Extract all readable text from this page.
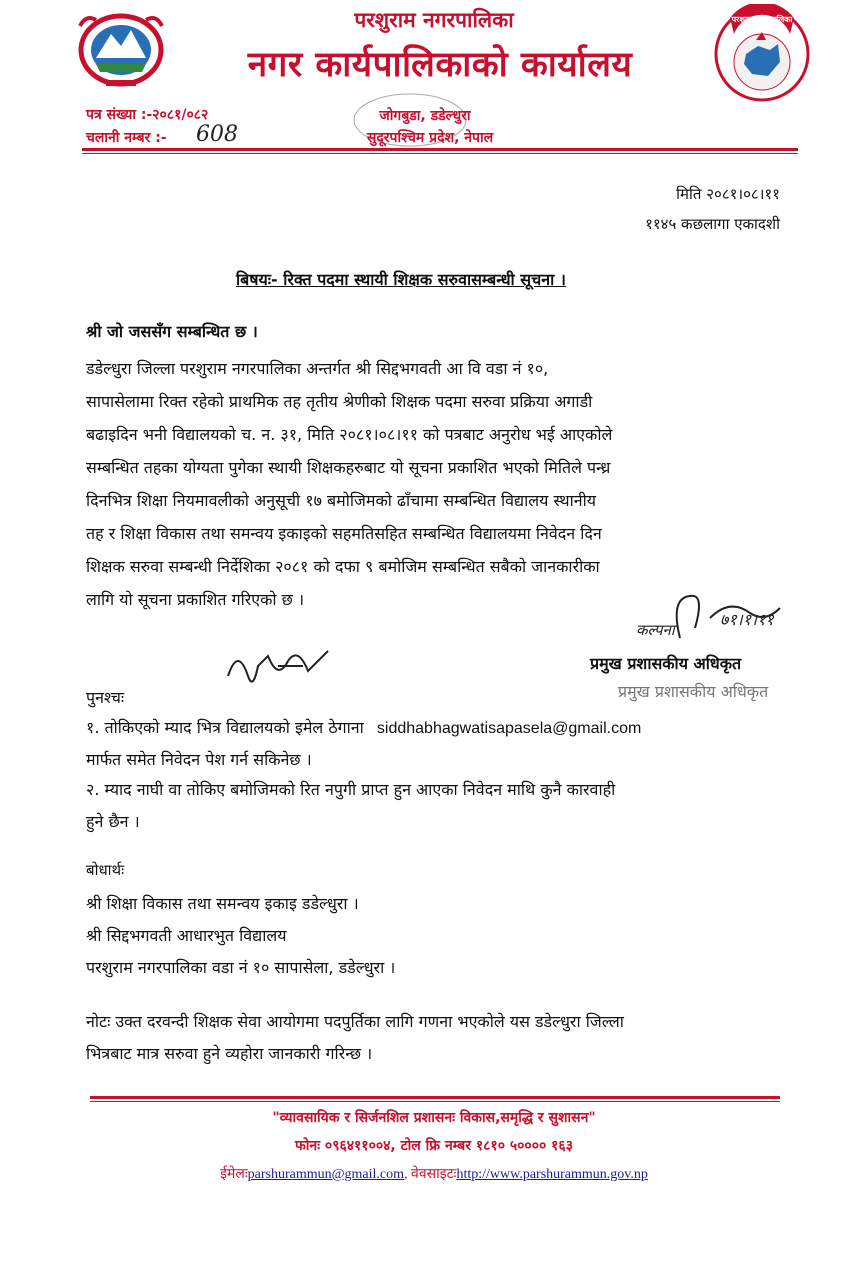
परशुराम नगरपालिका
नगर कार्यपालिकाको कार्यालय
परशुराम नगरपालिका
पत्र संख्या :-२०८१/०८२
चलानी नम्बर :- 608
जोगबुडा, डडेल्धुरा
सुदूरपश्चिम प्रदेश, नेपाल
मिति २०८१।०८।११
११४५ कछलागा एकादशी
बिषयः- रिक्त पदमा स्थायी शिक्षक सरुवासम्बन्धी सूचना ।
श्री जो जससँग सम्बन्धित छ ।
डडेल्धुरा जिल्ला परशुराम नगरपालिका अन्तर्गत श्री सिद्दभगवती आ वि वडा नं १०,
सापासेलामा रिक्त रहेको प्राथमिक तह तृतीय श्रेणीको शिक्षक पदमा सरुवा प्रक्रिया अगाडी
बढाइदिन भनी विद्यालयको च. न. ३१, मिति २०८१।०८।११ को पत्रबाट अनुरोध भई आएकोले
सम्बन्धित तहका योग्यता पुगेका स्थायी शिक्षकहरुबाट यो सूचना प्रकाशित भएको मितिले पन्ध्र
दिनभित्र शिक्षा नियमावलीको अनुसूची १७ बमोजिमको ढाँचामा सम्बन्धित विद्यालय स्थानीय
तह र शिक्षा विकास तथा समन्वय इकाइको सहमतिसहित सम्बन्धित विद्यालयमा निवेदन दिन
शिक्षक सरुवा सम्बन्धी निर्देशिका २०८१ को दफा ९ बमोजिम सम्बन्धित सबैको जानकारीका
लागि यो सूचना प्रकाशित गरिएको छ ।
कल्पना
७१।१।११
प्रमुख प्रशासकीय अधिकृत
प्रमुख प्रशासकीय अधिकृत
पुनश्चः
१. तोकिएको म्याद भित्र विद्यालयको इमेल ठेगाना siddhabhagwatisapasela@gmail.com
मार्फत समेत निवेदन पेश गर्न सकिनेछ ।
२. म्याद नाघी वा तोकिए बमोजिमको रित नपुगी प्राप्त हुन आएका निवेदन माथि कुनै कारवाही
हुने छैन ।
बोधार्थः
श्री शिक्षा विकास तथा समन्वय इकाइ डडेल्धुरा ।
श्री सिद्दभगवती आधारभुत विद्यालय
परशुराम नगरपालिका वडा नं १० सापासेला, डडेल्धुरा ।
नोटः उक्त दरवन्दी शिक्षक सेवा आयोगमा पदपुर्तिका लागि गणना भएकोले यस डडेल्धुरा जिल्ला
भित्रबाट मात्र सरुवा हुने व्यहोरा जानकारी गरिन्छ ।
"व्यावसायिक र सिर्जनशिल प्रशासनः विकास,समृद्धि र सुशासन"
फोनः ०९६४११००४, टोल फ्रि नम्बर १८१० ५०००० १६३
ईमेलःparshurammun@gmail.com, वेवसाइटःhttp://www.parshurammun.gov.np
